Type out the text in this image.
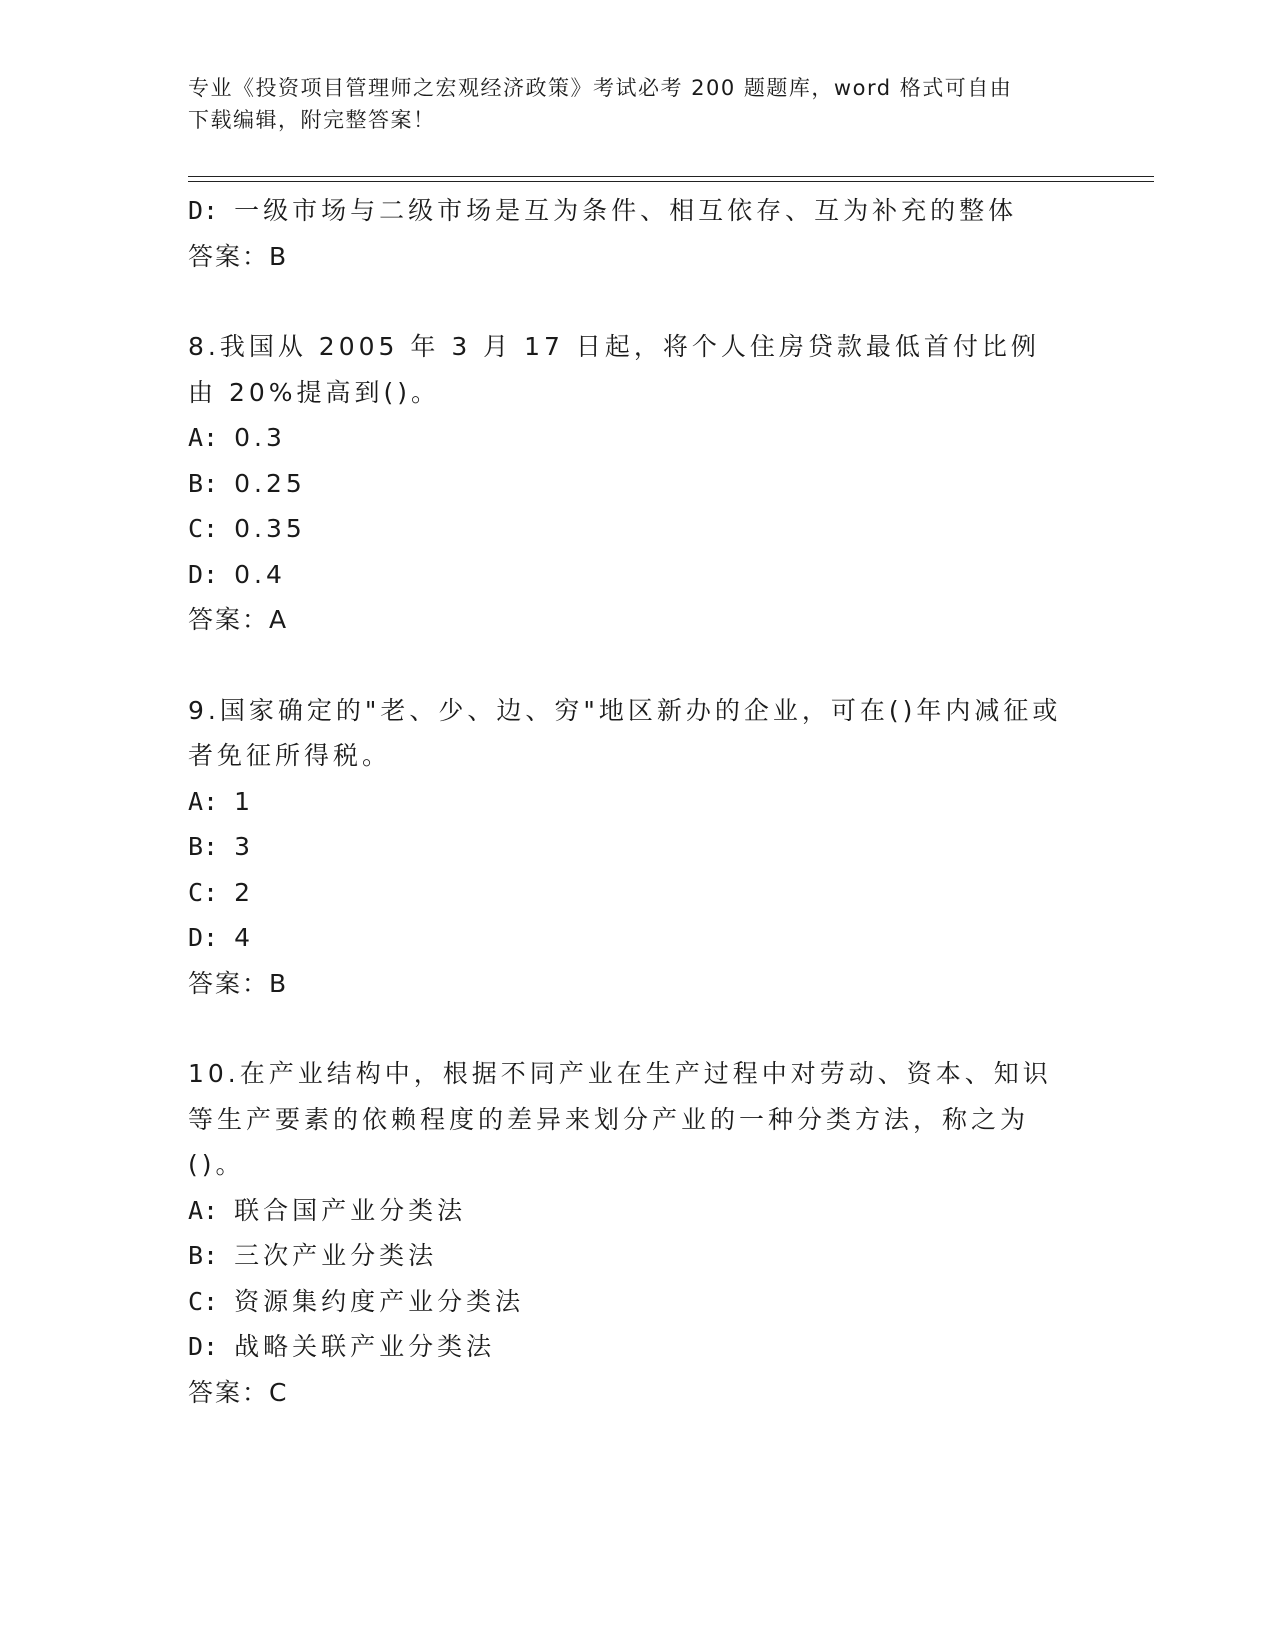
专业《投资项目管理师之宏观经济政策》考试必考 200 题题库，word 格式可自由
下载编辑，附完整答案！
D: 一级市场与二级市场是互为条件、相互依存、互为补充的整体
答案：B
8.我国从 2005 年 3 月 17 日起，将个人住房贷款最低首付比例由 20%提高到()。
A: 0.3
B: 0.25
C: 0.35
D: 0.4
答案：A
9.国家确定的"老、少、边、穷"地区新办的企业，可在()年内减征或者免征所得税。
A: 1
B: 3
C: 2
D: 4
答案：B
10.在产业结构中，根据不同产业在生产过程中对劳动、资本、知识等生产要素的依赖程度的差异来划分产业的一种分类方法，称之为()。
A: 联合国产业分类法
B: 三次产业分类法
C: 资源集约度产业分类法
D: 战略关联产业分类法
答案：C
